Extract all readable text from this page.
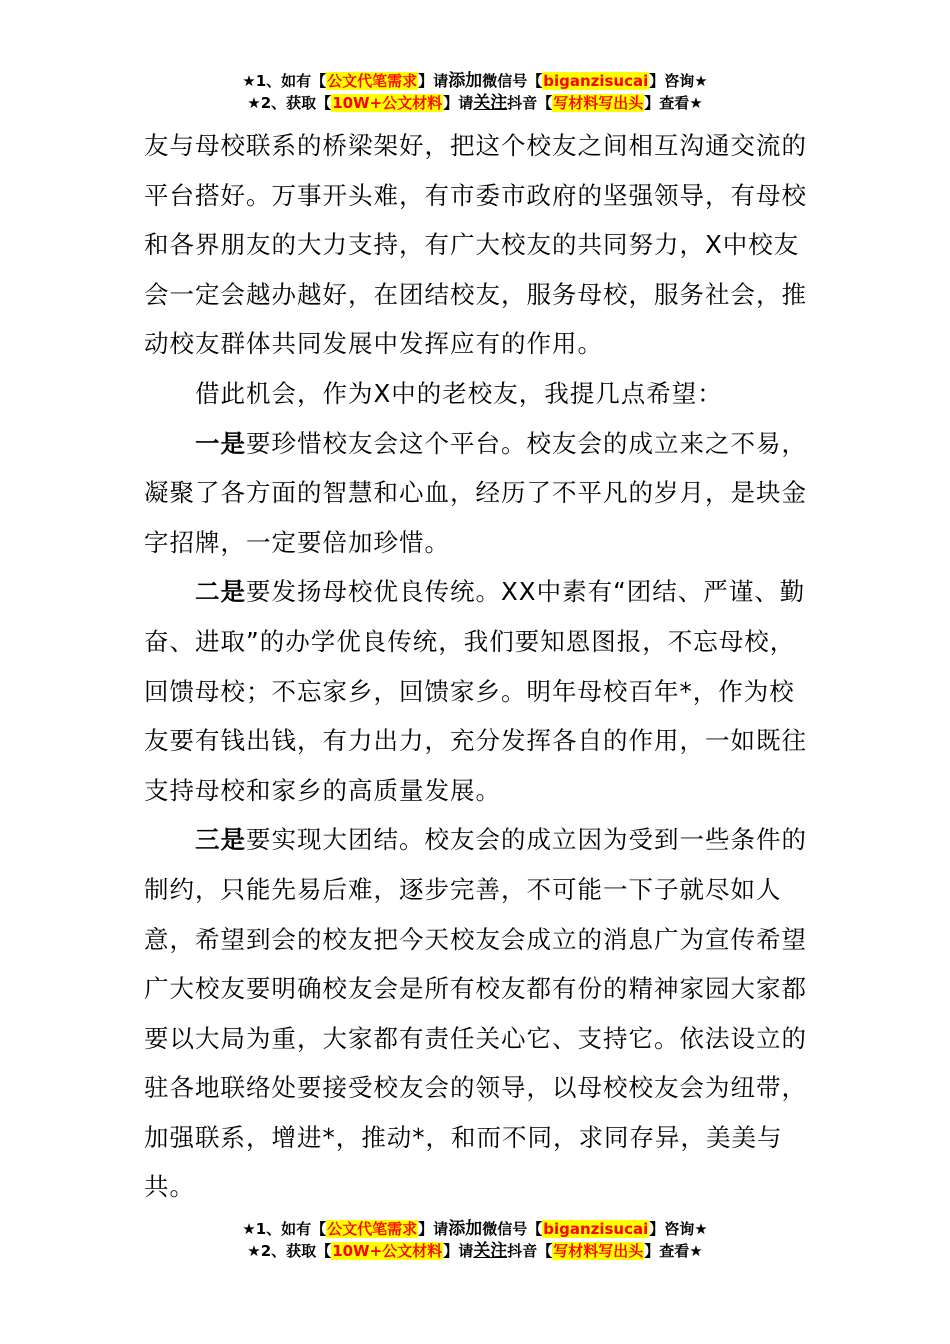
★1、如有【公文代笔需求】请添加微信号【biganzisucai】咨询★
★2、获取【10W+公文材料】请关注抖音【写材料写出头】查看★

友与母校联系的桥梁架好，把这个校友之间相互沟通交流的平台搭好。万事开头难，有市委市政府的坚强领导，有母校和各界朋友的大力支持，有广大校友的共同努力，X中校友会一定会越办越好，在团结校友，服务母校，服务社会，推动校友群体共同发展中发挥应有的作用。

借此机会，作为X中的老校友，我提几点希望：

一是要珍惜校友会这个平台。校友会的成立来之不易，凝聚了各方面的智慧和心血，经历了不平凡的岁月，是块金字招牌，一定要倍加珍惜。

二是要发扬母校优良传统。XX中素有“团结、严谨、勤奋、进取”的办学优良传统，我们要知恩图报，不忘母校，回馈母校；不忘家乡，回馈家乡。明年母校百年*，作为校友要有钱出钱，有力出力，充分发挥各自的作用，一如既往支持母校和家乡的高质量发展。

三是要实现大团结。校友会的成立因为受到一些条件的制约，只能先易后难，逐步完善，不可能一下子就尽如人意，希望到会的校友把今天校友会成立的消息广为宣传希望广大校友要明确校友会是所有校友都有份的精神家园大家都要以大局为重，大家都有责任关心它、支持它。依法设立的驻各地联络处要接受校友会的领导，以母校校友会为纽带，加强联系，增进*，推动*，和而不同，求同存异，美美与共。

★1、如有【公文代笔需求】请添加微信号【biganzisucai】咨询★
★2、获取【10W+公文材料】请关注抖音【写材料写出头】查看★
